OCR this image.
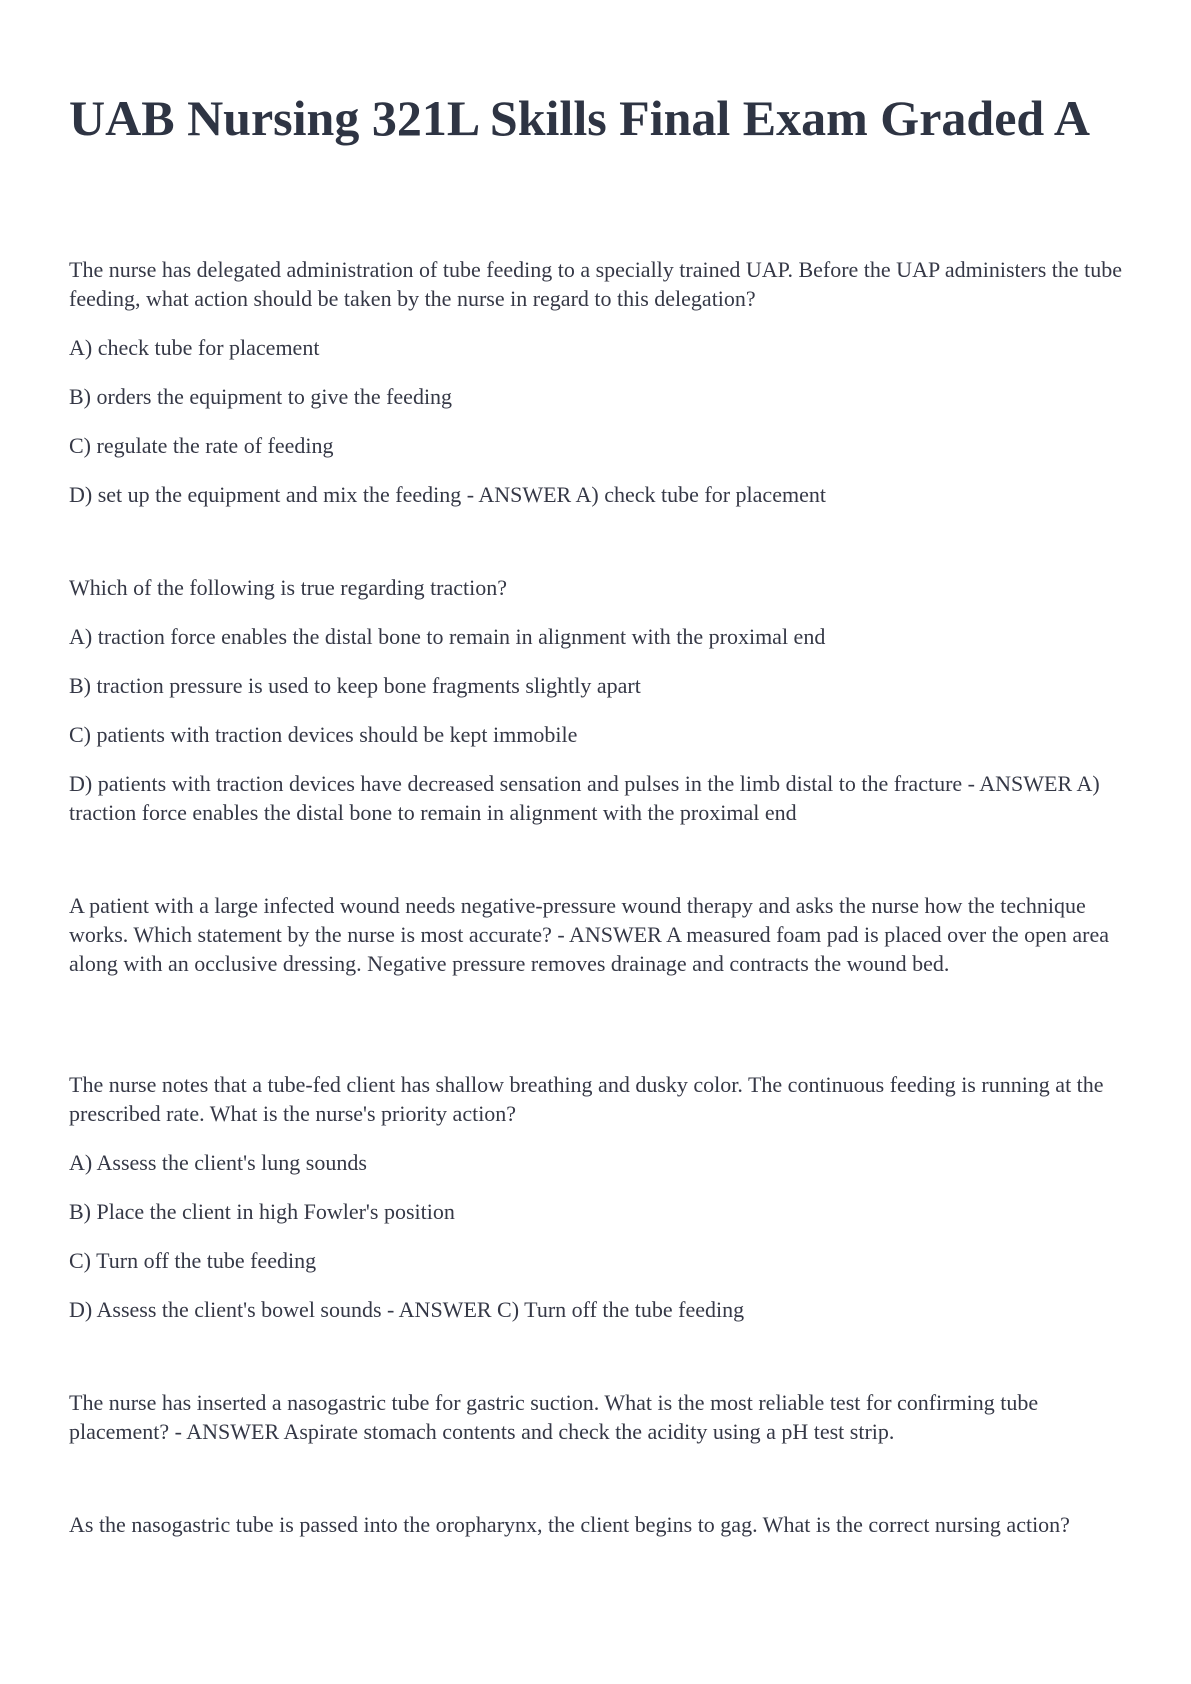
UAB Nursing 321L Skills Final Exam Graded A

The nurse has delegated administration of tube feeding to a specially trained UAP. Before the UAP administers the tube feeding, what action should be taken by the nurse in regard to this delegation?

A) check tube for placement

B) orders the equipment to give the feeding

C) regulate the rate of feeding

D) set up the equipment and mix the feeding - ANSWER A) check tube for placement

Which of the following is true regarding traction?

A) traction force enables the distal bone to remain in alignment with the proximal end

B) traction pressure is used to keep bone fragments slightly apart

C) patients with traction devices should be kept immobile

D) patients with traction devices have decreased sensation and pulses in the limb distal to the fracture - ANSWER A) traction force enables the distal bone to remain in alignment with the proximal end

A patient with a large infected wound needs negative-pressure wound therapy and asks the nurse how the technique works. Which statement by the nurse is most accurate? - ANSWER A measured foam pad is placed over the open area along with an occlusive dressing. Negative pressure removes drainage and contracts the wound bed.

The nurse notes that a tube-fed client has shallow breathing and dusky color. The continuous feeding is running at the prescribed rate. What is the nurse's priority action?

A) Assess the client's lung sounds

B) Place the client in high Fowler's position

C) Turn off the tube feeding

D) Assess the client's bowel sounds - ANSWER C) Turn off the tube feeding

The nurse has inserted a nasogastric tube for gastric suction. What is the most reliable test for confirming tube placement? - ANSWER Aspirate stomach contents and check the acidity using a pH test strip.

As the nasogastric tube is passed into the oropharynx, the client begins to gag. What is the correct nursing action?
